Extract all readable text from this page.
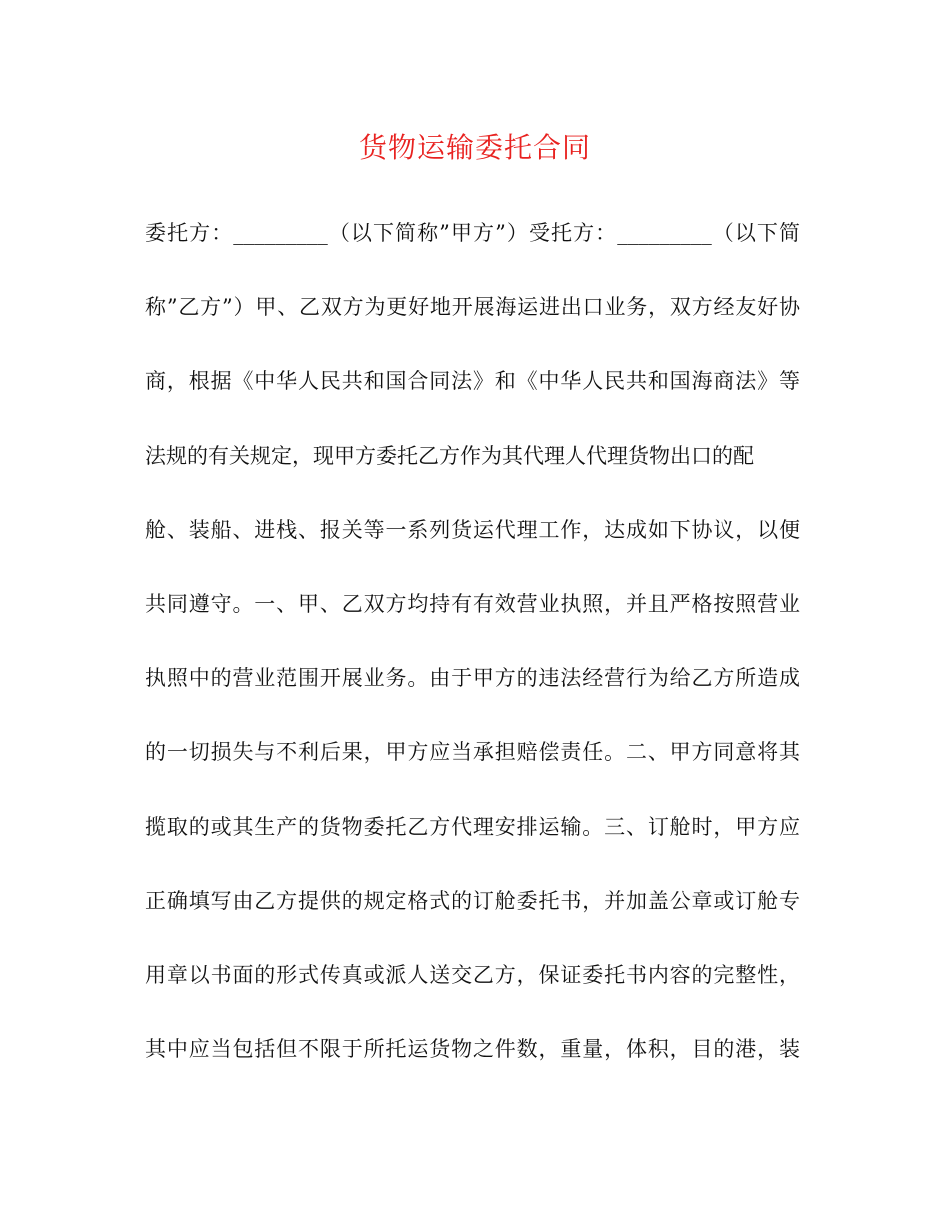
货物运输委托合同
委托方：_________（以下简称”甲方”）受托方：_________（以下简
称”乙方”）甲、乙双方为更好地开展海运进出口业务，双方经友好协
商，根据《中华人民共和国合同法》和《中华人民共和国海商法》等
法规的有关规定，现甲方委托乙方作为其代理人代理货物出口的配
舱、装船、进栈、报关等一系列货运代理工作，达成如下协议，以便
共同遵守。一、甲、乙双方均持有有效营业执照，并且严格按照营业
执照中的营业范围开展业务。由于甲方的违法经营行为给乙方所造成
的一切损失与不利后果，甲方应当承担赔偿责任。二、甲方同意将其
揽取的或其生产的货物委托乙方代理安排运输。三、订舱时，甲方应
正确填写由乙方提供的规定格式的订舱委托书，并加盖公章或订舱专
用章以书面的形式传真或派人送交乙方，保证委托书内容的完整性，
其中应当包括但不限于所托运货物之件数，重量，体积，目的港，装
